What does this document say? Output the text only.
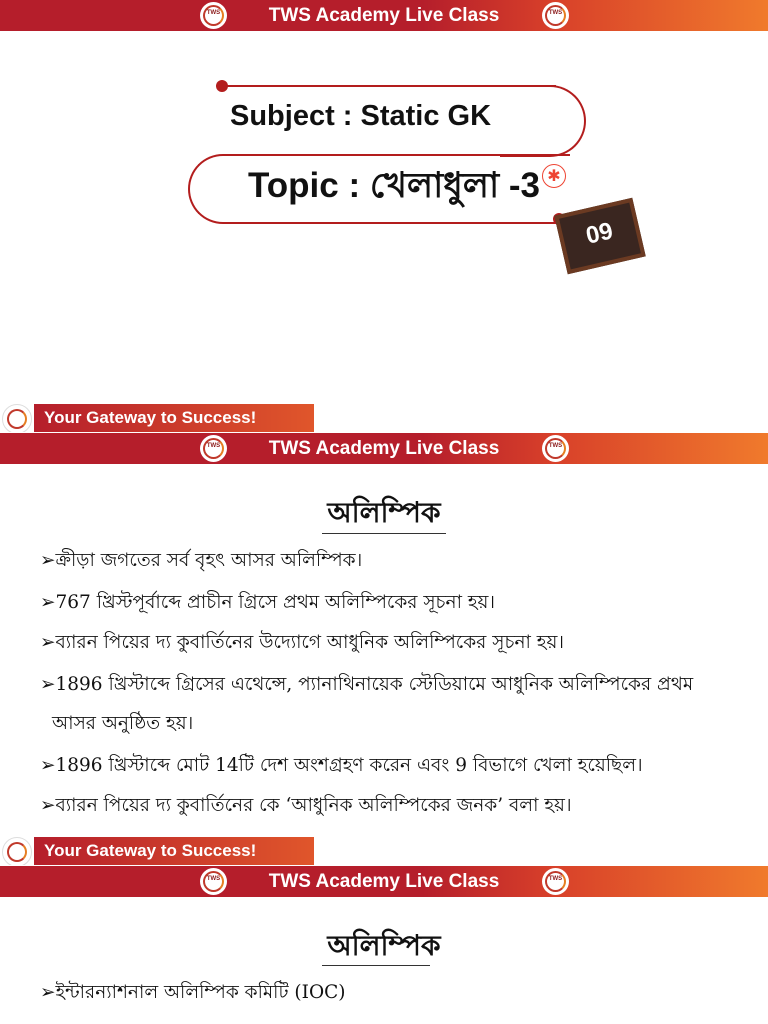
TWS Academy Live Class
TWS	TWS
Subject : Static GK
Topic : খেলাধুলা -3 ✱
09
Your Gateway to Success!
TWS Academy Live Class
TWS	TWS
অলিম্পিক
➢ক্রীড়া জগতের সর্ব বৃহৎ আসর অলিম্পিক।
➢767 খ্রিস্টপূর্বাব্দে প্রাচীন গ্রিসে প্রথম অলিম্পিকের সূচনা হয়।
➢ব্যারন পিয়ের দ্য কুবার্তিনের উদ্যোগে আধুনিক অলিম্পিকের সূচনা হয়।
➢1896 খ্রিস্টাব্দে গ্রিসের এথেন্সে, প্যানাথিনায়েক স্টেডিয়ামে আধুনিক অলিম্পিকের প্রথম
আসর অনুষ্ঠিত হয়।
➢1896 খ্রিস্টাব্দে মোট 14টি দেশ অংশগ্রহণ করেন এবং 9 বিভাগে খেলা হয়েছিল।
➢ব্যারন পিয়ের দ্য কুবার্তিনের কে ‘আধুনিক অলিম্পিকের জনক’ বলা হয়।
Your Gateway to Success!
TWS Academy Live Class
TWS	TWS
অলিম্পিক
➢ইন্টারন্যাশনাল অলিম্পিক কমিটি (IOC)
